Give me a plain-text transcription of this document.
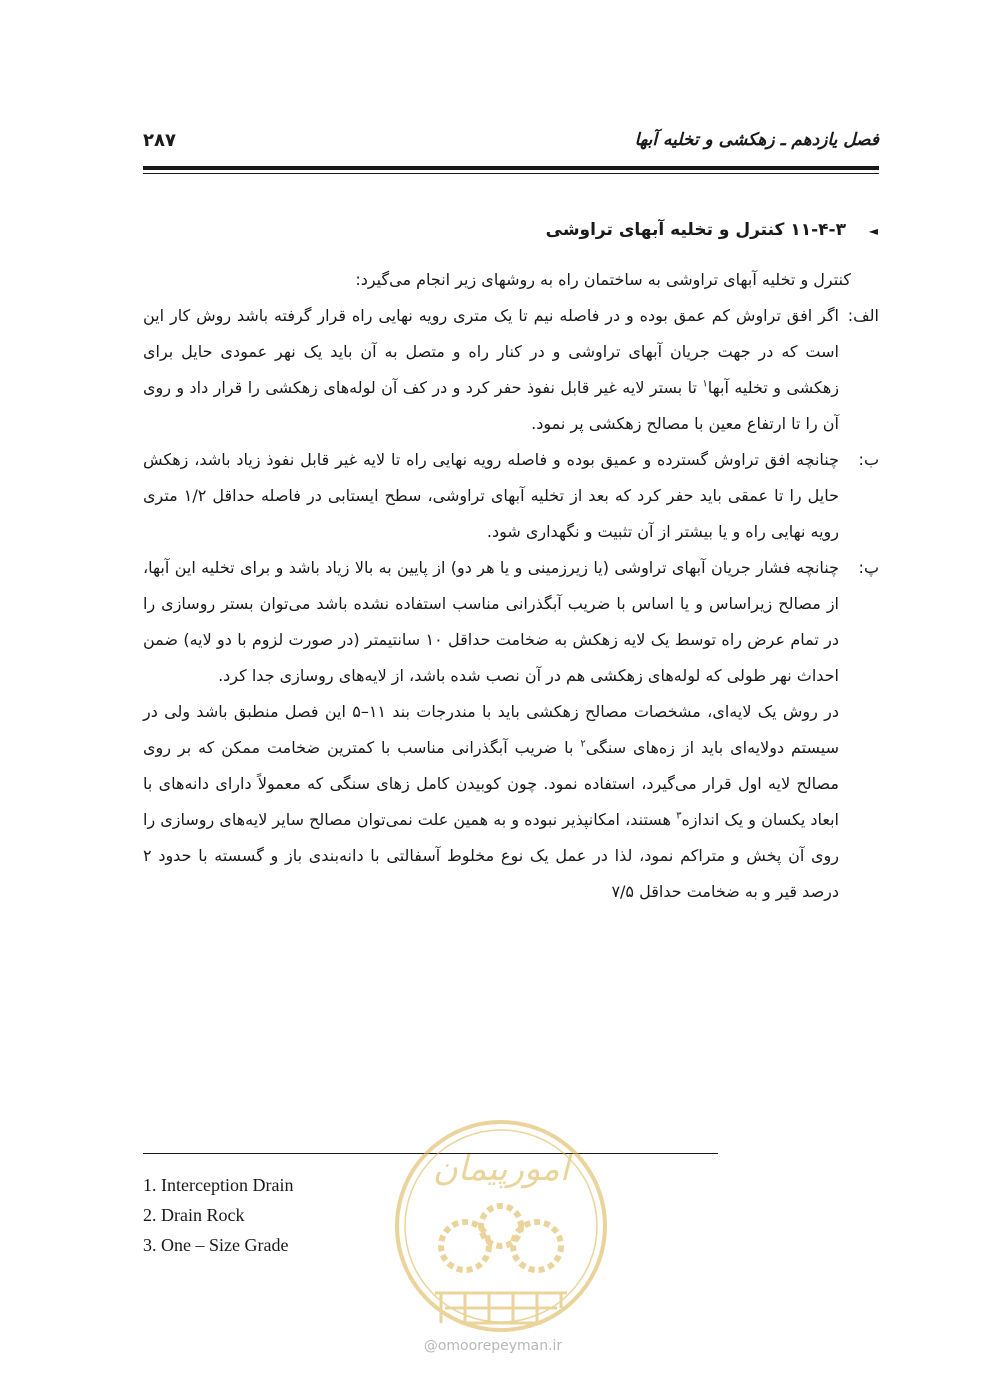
فصل یازدهم ـ زهکشی و تخلیه آبها
۲۸۷
◄۱۱-۴-۳ کنترل و تخلیه آبهای تراوشی
کنترل و تخلیه آبهای تراوشی به ساختمان راه به روشهای زیر انجام می‌گیرد:
الف:
اگر افق تراوش کم عمق بوده و در فاصله نیم تا یک متری رویه نهایی راه قرار گرفته باشد روش کار این است که در جهت جریان آبهای تراوشی و در کنار راه و متصل به آن باید یک نهر عمودی حایل برای زهکشی و تخلیه آبها$^۱$ تا بستر لایه غیر قابل نفوذ حفر کرد و در کف آن لوله‌های زهکشی را قرار داد و روی آن را تا ارتفاع معین با مصالح زهکشی پر نمود.
ب:
چنانچه افق تراوش گسترده و عمیق بوده و فاصله رویه نهایی راه تا لایه غیر قابل نفوذ زیاد باشد، زهکش حایل را تا عمقی باید حفر کرد که بعد از تخلیه آبهای تراوشی، سطح ایستابی در فاصله حداقل ۱/۲ متری رویه نهایی راه و یا بیشتر از آن تثبیت و نگهداری شود.
پ:
چنانچه فشار جریان آبهای تراوشی (یا زیرزمینی و یا هر دو) از پایین به بالا زیاد باشد و برای تخلیه این آبها، از مصالح زیراساس و یا اساس با ضریب آبگذرانی مناسب استفاده نشده باشد می‌توان بستر روسازی را در تمام عرض راه توسط یک لایه زهکش به ضخامت حداقل ۱۰ سانتیمتر (در صورت لزوم با دو لایه) ضمن احداث نهر طولی که لوله‌های زهکشی هم در آن نصب شده باشد، از لایه‌های روسازی جدا کرد.
در روش یک لایه‌ای، مشخصات مصالح زهکشی باید با مندرجات بند ۱۱–۵ این فصل منطبق باشد ولی در سیستم دولایه‌ای باید از زه‌های سنگی$^۲$ با ضریب آبگذرانی مناسب با کمترین ضخامت ممکن که بر روی مصالح لایه اول قرار می‌گیرد، استفاده نمود. چون کوبیدن کامل زهای سنگی که معمولاً دارای دانه‌های با ابعاد یکسان و یک اندازه$^۳$ هستند، امکانپذیر نبوده و به همین علت نمی‌توان مصالح سایر لایه‌های روسازی را روی آن پخش و متراکم نمود، لذا در عمل یک نوع مخلوط آسفالتی با دانه‌بندی باز و گسسته با حدود ۲ درصد قیر و به ضخامت حداقل ۷/۵
1. Interception Drain
2. Drain Rock
3. One – Size Grade
امورپیمان
@omoorepeyman.ir
